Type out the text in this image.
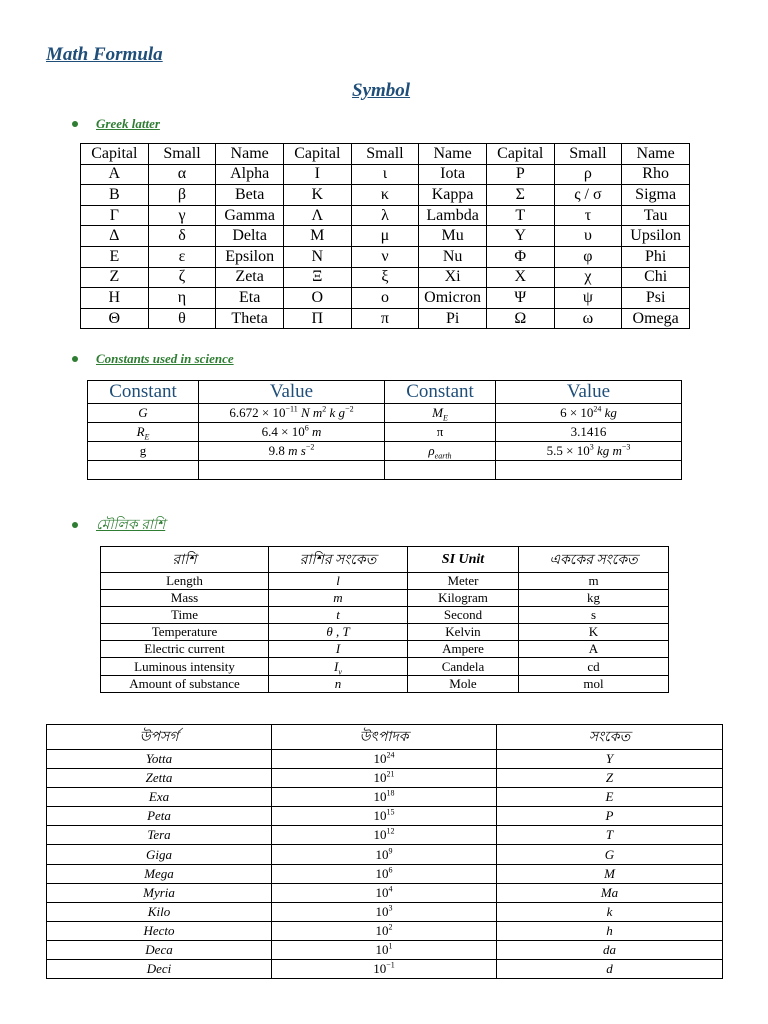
Math Formula
Symbol
Greek latter
Capital	Small	Name	Capital	Small	Name	Capital	Small	Name
Α	α	Alpha	Ι	ι	Iota	Ρ	ρ	Rho
Β	β	Beta	Κ	κ	Kappa	Σ	ς / σ	Sigma
Γ	γ	Gamma	Λ	λ	Lambda	Τ	τ	Tau
Δ	δ	Delta	Μ	μ	Mu	Υ	υ	Upsilon
Ε	ε	Epsilon	Ν	ν	Nu	Φ	φ	Phi
Ζ	ζ	Zeta	Ξ	ξ	Xi	Χ	χ	Chi
Η	η	Eta	Ο	ο	Omicron	Ψ	ψ	Psi
Θ	θ	Theta	Π	π	Pi	Ω	ω	Omega
Constants used in science
Constant	Value	Constant	Value
G	$6.672 \times 10^{-11}$ N $m^2$ k $g^{-2}$	$M_E$	$6 \times 10^{24}$ kg
$R_E$	$6.4 \times 10^6$ m	π	3.1416
g	9.8 m $s^{-2}$	$\rho_{earth}$	$5.5 \times 10^3$ kg $m^{-3}$

মৌলিক রাশি
রাশি	রাশির সংকেত	SI Unit	এককের সংকেত
Length	l	Meter	m
Mass	m	Kilogram	kg
Time	t	Second	s
Temperature	θ , T	Kelvin	K
Electric current	I	Ampere	A
Luminous intensity	$I_v$	Candela	cd
Amount of substance	n	Mole	mol
উপসর্গ	উৎপাদক	সংকেত
Yotta	$10^{24}$	Y
Zetta	$10^{21}$	Z
Exa	$10^{18}$	E
Peta	$10^{15}$	P
Tera	$10^{12}$	T
Giga	$10^9$	G
Mega	$10^6$	M
Myria	$10^4$	Ma
Kilo	$10^3$	k
Hecto	$10^2$	h
Deca	$10^1$	da
Deci	$10^{-1}$	d
